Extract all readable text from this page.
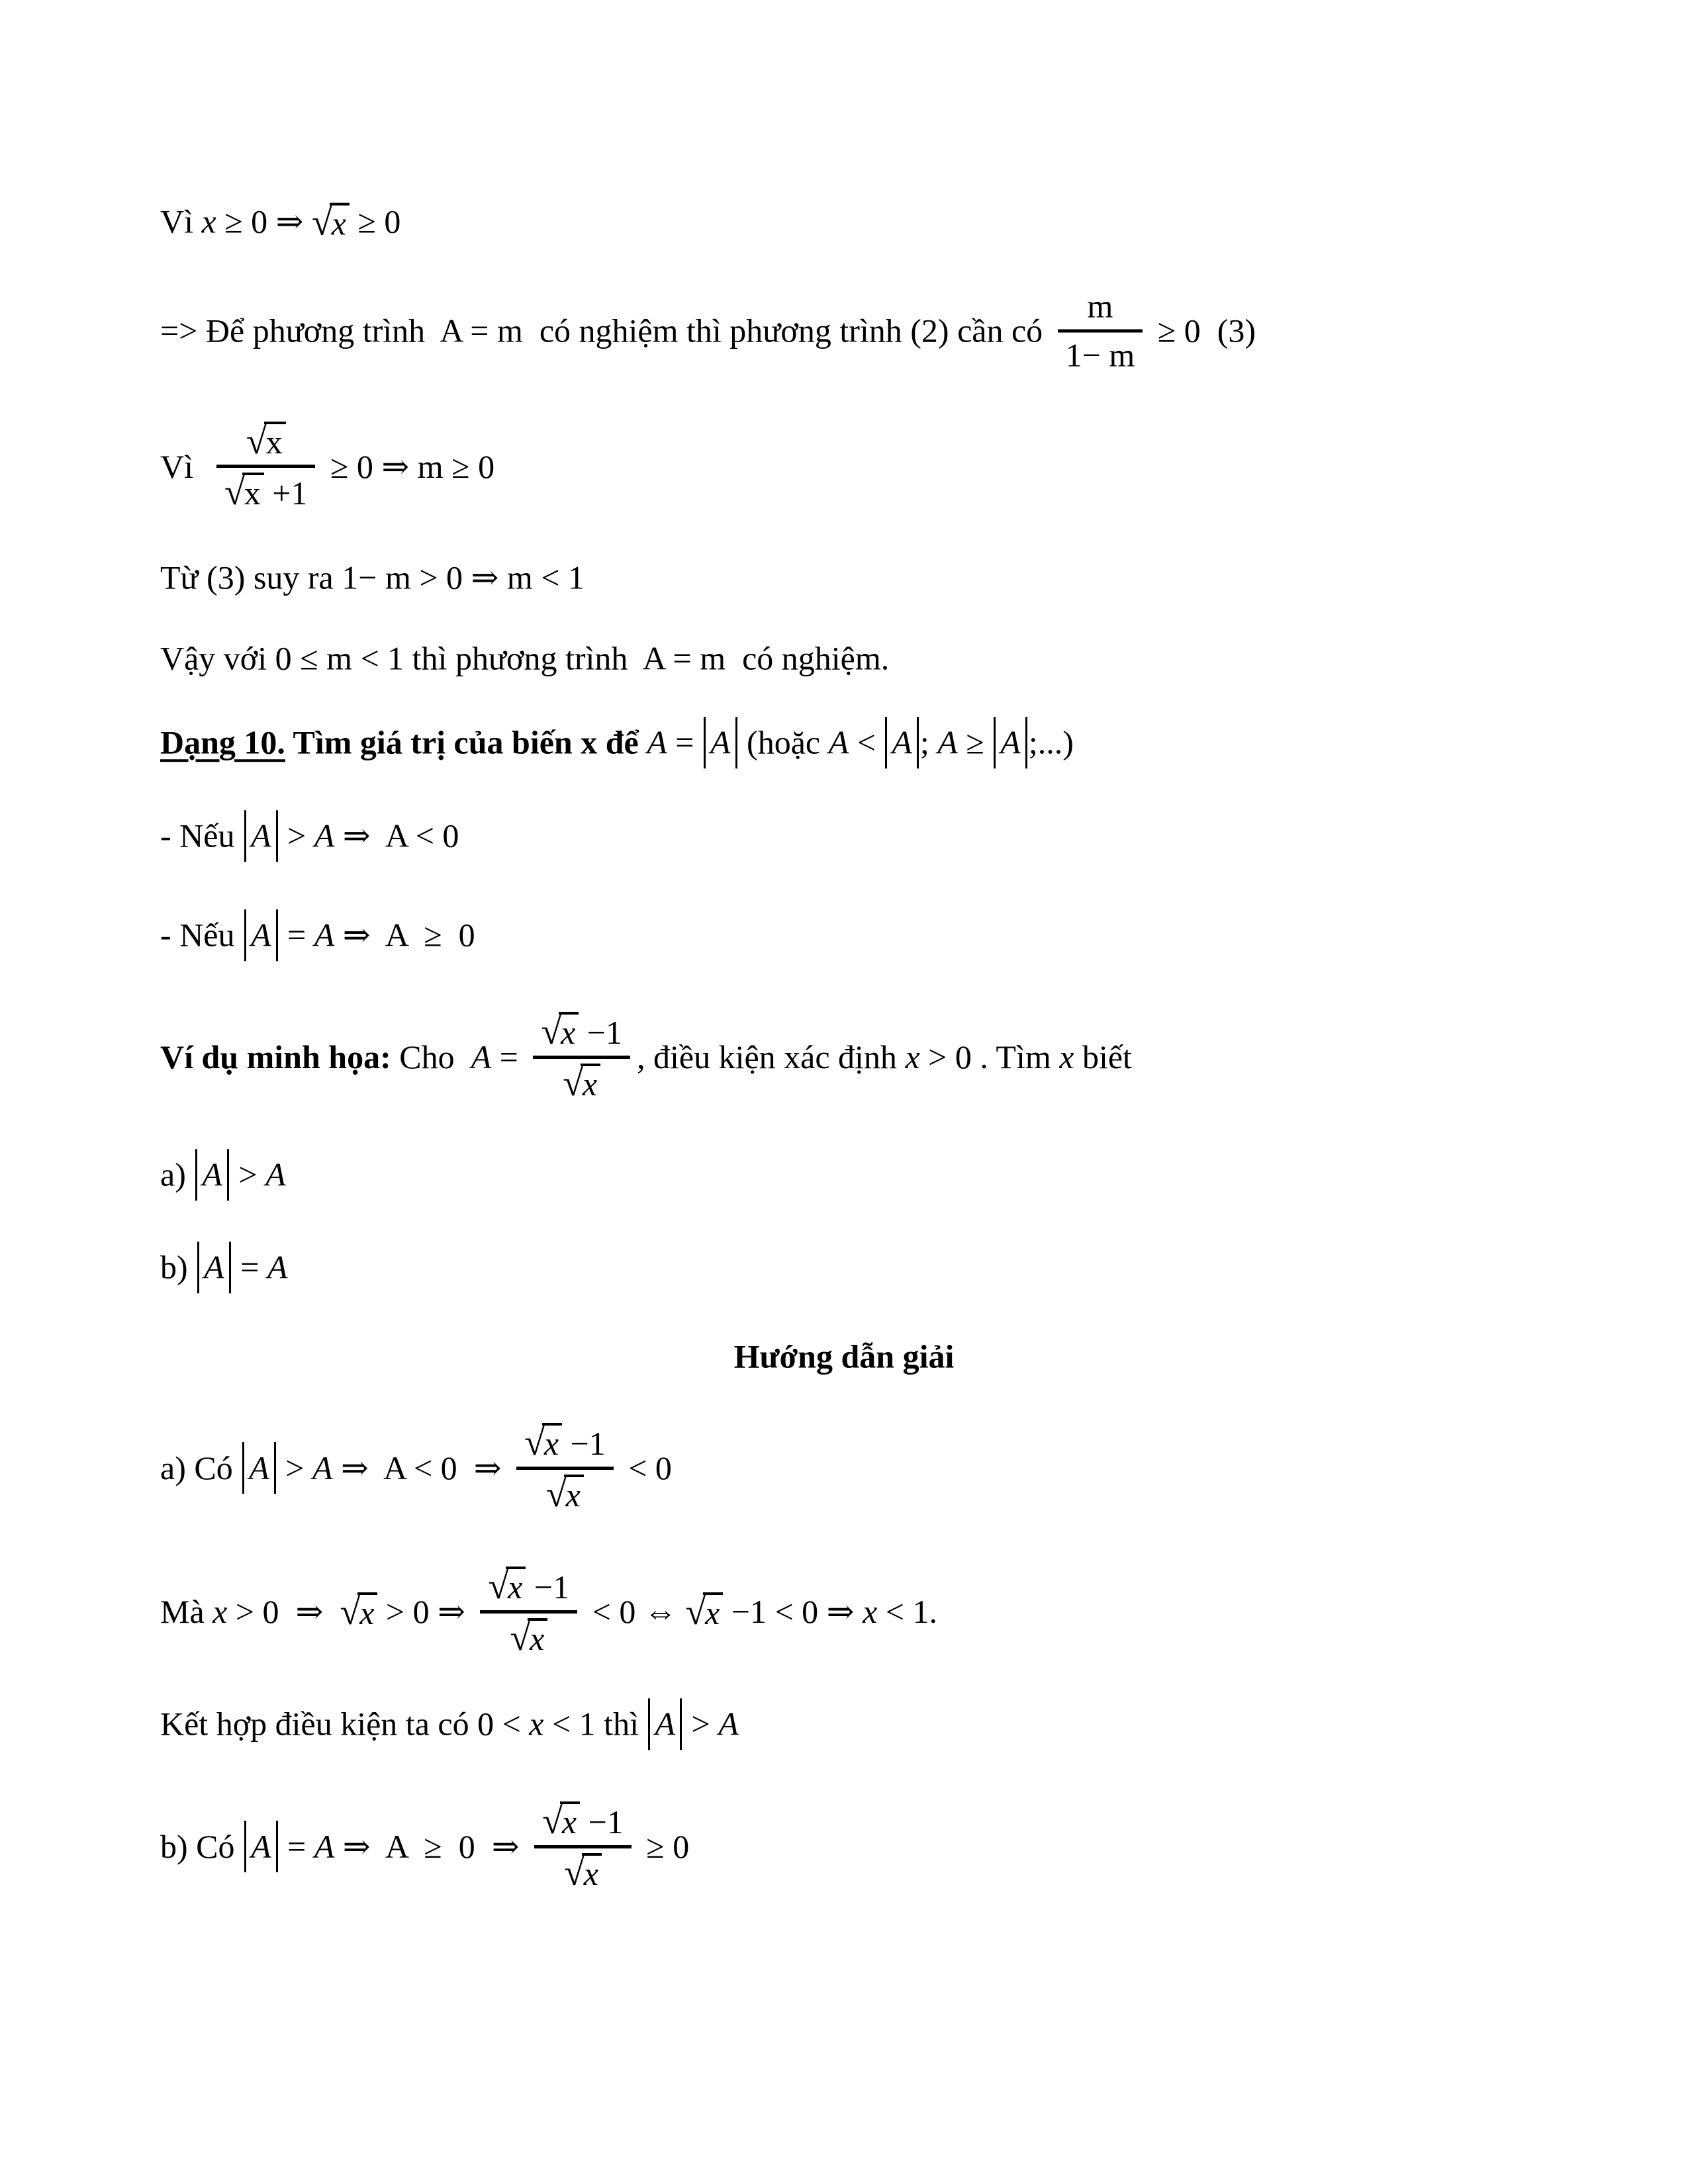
Vì x ≥ 0 ⇒ √ x ≥ 0
=> Để phương trình  A = m  có nghiệm thì phương trình (2) cần có
m
1− m
≥ 0  (3)
Vì
√ x
√ x +1
≥ 0 ⇒ m ≥ 0
Từ (3) suy ra 1− m > 0 ⇒ m < 1
Vậy với 0 ≤ m < 1 thì phương trình  A = m  có nghiệm.
Dạng 10. Tìm giá trị của biến x để A = A (hoặc A < A ; A ≥ A ;...)
- Nếu A > A ⇒  A < 0
- Nếu A = A ⇒  A  ≥  0
Ví dụ minh họa: Cho A =
√ x −1
√ x
, điều kiện xác định x > 0 . Tìm x biết
a) A > A
b) A = A
Hướng dẫn giải
a) Có A > A ⇒  A < 0  ⇒
√ x −1
√ x
< 0
Mà x > 0  ⇒ √ x > 0 ⇒
√ x −1
√ x
< 0 ⇔ √ x −1 < 0 ⇒ x < 1.
Kết hợp điều kiện ta có 0 < x < 1 thì A > A
b) Có A = A ⇒  A  ≥  0  ⇒
√ x −1
√ x
≥ 0
